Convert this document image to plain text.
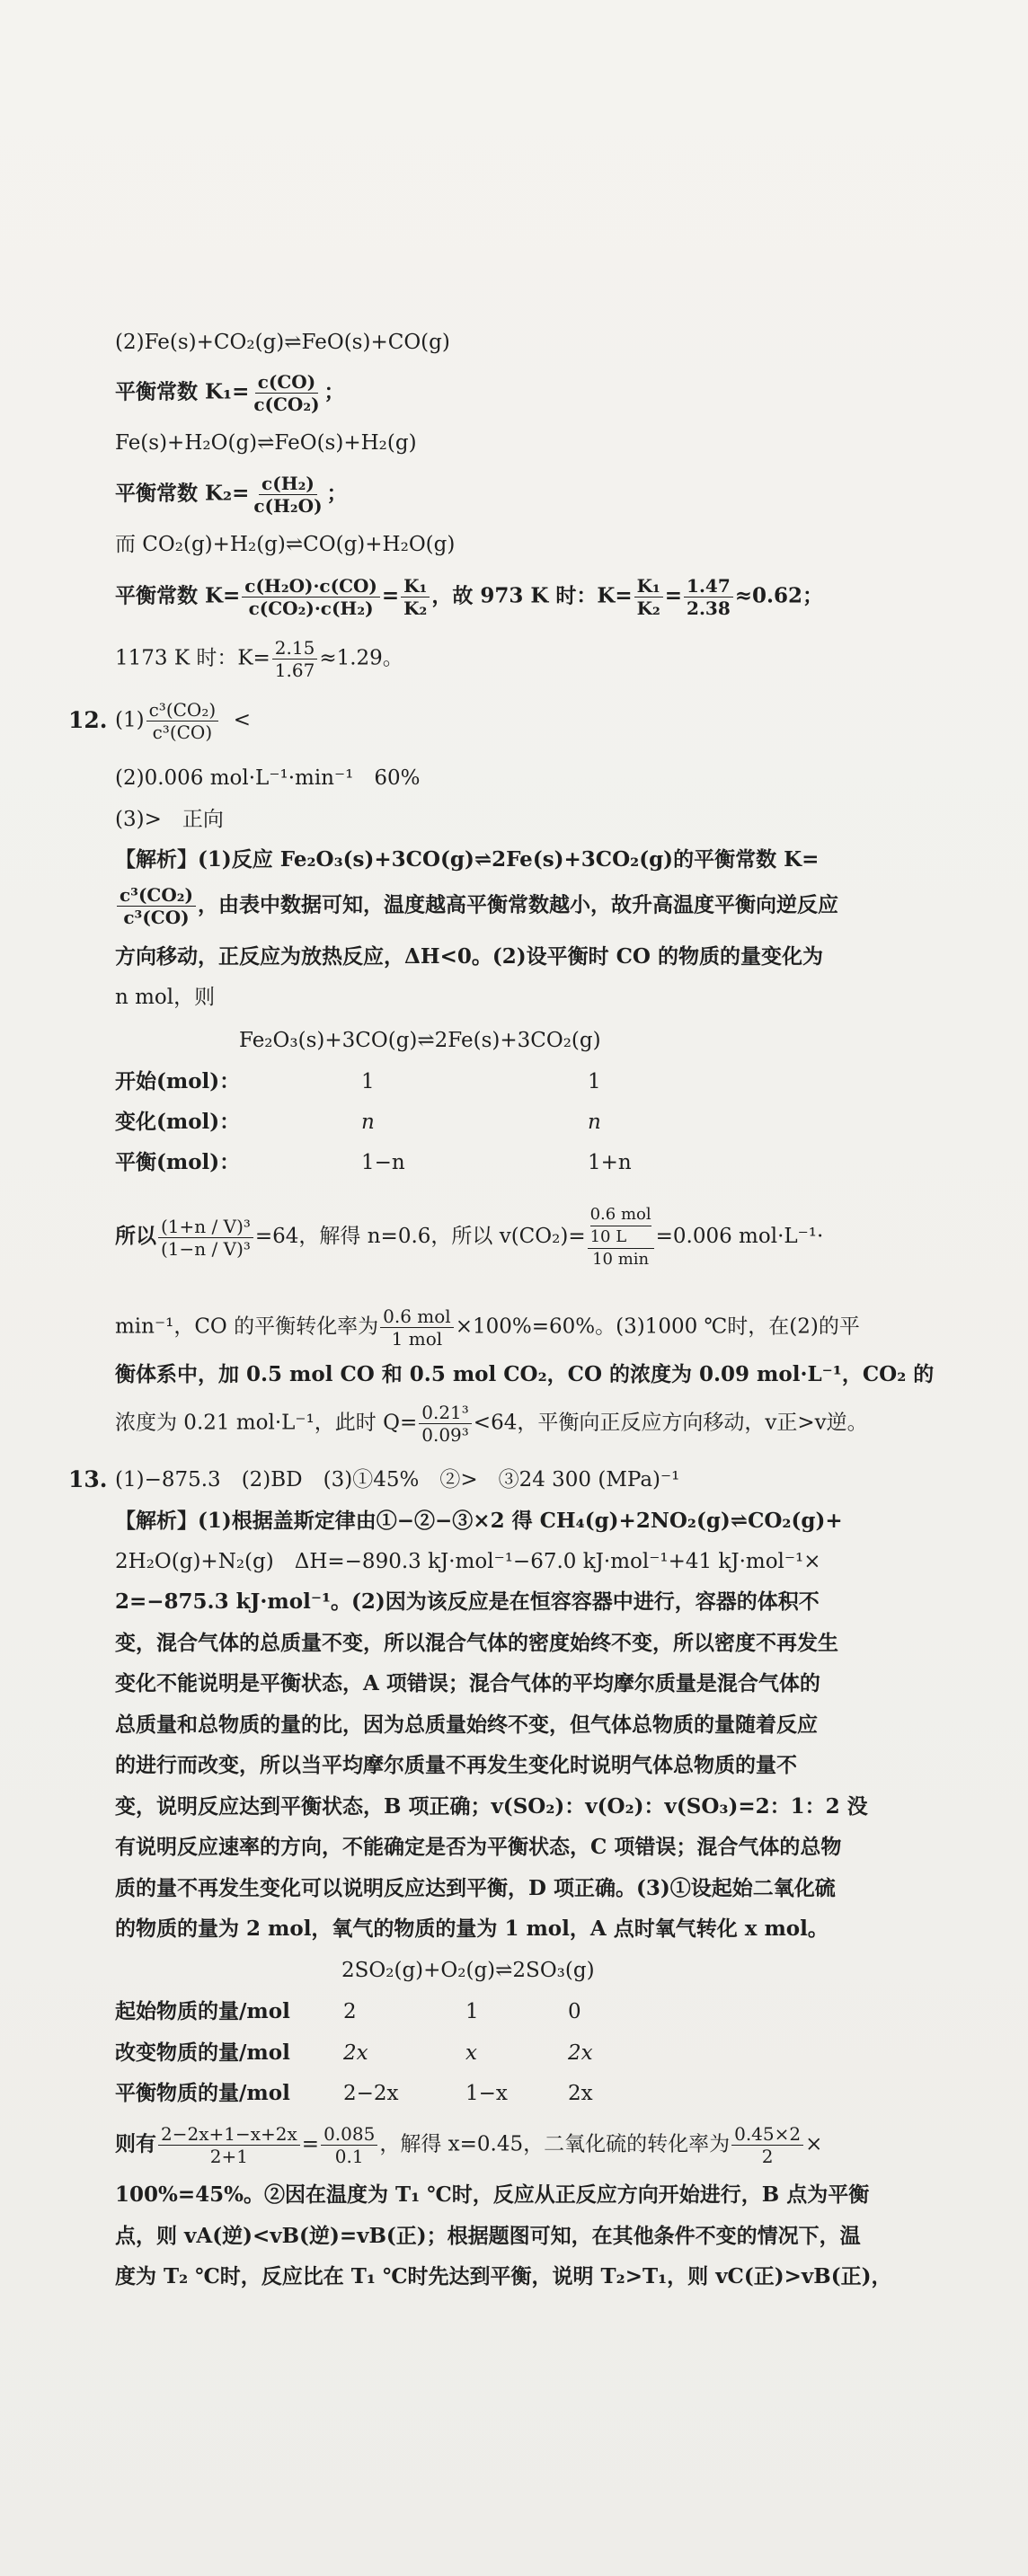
(2)Fe(s)+CO₂(g)⇌FeO(s)+CO(g)
平衡常数 $K_1= \frac{c(CO)}{\text{c(CO₂)}}$ ；
Fe(s)+H₂O(g)⇌FeO(s)+H₂(g)
平衡常数 $K_2= \frac{\text{c(H₂)}}{\text{c(H₂O)}}$ ；
而 CO₂(g)+H₂(g)⇌CO(g)+H₂O(g)
平衡常数 $K= \frac{\text{c(H₂O)·c(CO)}}{\text{c(CO₂)·c(H₂)}} = \frac{\text{K₁}}{\text{K₂}}$ ，故 973 K 时：$K= \frac{\text{K₁}}{\text{K₂}} = \frac{1.47}{2.38} \approx 0.62$；
1173 K 时：$K= \frac{2.15}{1.67} \approx 1.29$。
12. $(1) \frac{\text{c³(CO₂)}}{\text{c³(CO)}}$ <
(2)0.006 mol·L⁻¹·min⁻¹　60%
(3)>　正向
【解析】(1)反应 Fe₂O₃(s)+3CO(g)⇌2Fe(s)+3CO₂(g)的平衡常数 K=
$\frac{\text{c³(CO₂)}}{\text{c³(CO)}}$ ，由表中数据可知，温度越高平衡常数越小，故升高温度平衡向逆反应
方向移动，正反应为放热反应，ΔH<0。(2)设平衡时 CO 的物质的量变化为
n mol，则
Fe₂O₃(s)+3CO(g)⇌2Fe(s)+3CO₂(g)
开始(mol)：	1	1
变化(mol)：	n	n
平衡(mol)：	1−n	1+n
所以 $\frac{\text{(1+n / V)³}}{\text{(1−n / V)³}} =64$，解得 n=0.6，所以 v(CO₂)= 0.6 mol
10 L
10 min =0.006 mol·L⁻¹·
min⁻¹，CO 的平衡转化率为 $\frac{\text{0.6 mol}}{\text{1 mol}} \times 100\%=60\%$。(3)1000 ℃时，在(2)的平
衡体系中，加 0.5 mol CO 和 0.5 mol CO₂，CO 的浓度为 0.09 mol·L⁻¹，CO₂ 的
浓度为 0.21 mol·L⁻¹，此时 $Q= \frac{\text{0.21³}}{\text{0.09³}} <64$，平衡向正反应方向移动，v正>v逆。
13. (1)−875.3　(2)BD　(3)①45%　②>　③24 300 (MPa)⁻¹
【解析】(1)根据盖斯定律由①−②−③×2 得 CH₄(g)+2NO₂(g)⇌CO₂(g)+
2H₂O(g)+N₂(g)　ΔH=−890.3 kJ·mol⁻¹−67.0 kJ·mol⁻¹+41 kJ·mol⁻¹×
2=−875.3 kJ·mol⁻¹。(2)因为该反应是在恒容容器中进行，容器的体积不
变，混合气体的总质量不变，所以混合气体的密度始终不变，所以密度不再发生
变化不能说明是平衡状态，A 项错误；混合气体的平均摩尔质量是混合气体的
总质量和总物质的量的比，因为总质量始终不变，但气体总物质的量随着反应
的进行而改变，所以当平均摩尔质量不再发生变化时说明气体总物质的量不
变，说明反应达到平衡状态，B 项正确；v(SO₂)：v(O₂)：v(SO₃)=2：1：2 没
有说明反应速率的方向，不能确定是否为平衡状态，C 项错误；混合气体的总物
质的量不再发生变化可以说明反应达到平衡，D 项正确。(3)①设起始二氧化硫
的物质的量为 2 mol，氧气的物质的量为 1 mol，A 点时氧气转化 x mol。
2SO₂(g)+O₂(g)⇌2SO₃(g)
起始物质的量/mol	2	1	0
改变物质的量/mol	2x	x	2x
平衡物质的量/mol	2−2x	1−x	2x
则有 $\frac{2-2x+1-x+2x}{2+1} = \frac{0.085}{0.1}$ ，解得 x=0.45，二氧化硫的转化率为 $\frac{0.45\times 2}{2}$ ×
100%=45%。②因在温度为 T₁ ℃时，反应从正反应方向开始进行，B 点为平衡
点，则 vA(逆)<vB(逆)=vB(正)；根据题图可知，在其他条件不变的情况下，温
度为 T₂ ℃时，反应比在 T₁ ℃时先达到平衡，说明 T₂>T₁，则 vC(正)>vB(正)，
